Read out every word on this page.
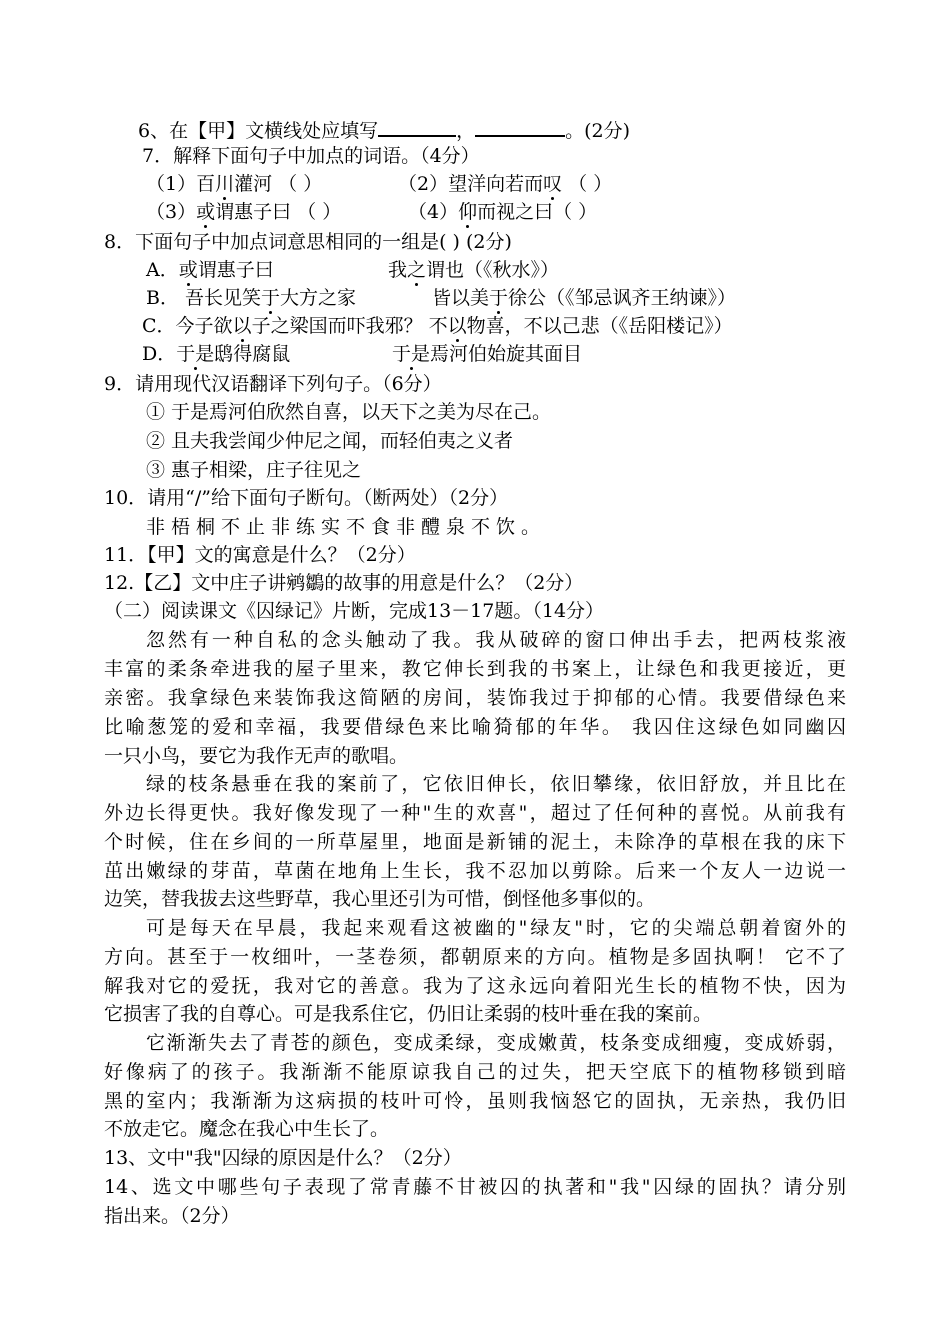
6、在【甲】文横线处应填写	，	。(2分)
7．解释下面句子中加点的词语。（4分）
（1）百川灌河 （ ）	（2）望洋向若而叹 （ ）
（3）或谓惠子曰 （ ）	（4）仰而视之曰（ ）
8．下面句子中加点词意思相同的一组是( ) (2分)
A．或谓惠子曰	我之谓也（《秋水》）
B． 吾长见笑于大方之家	皆以美于徐公（《邹忌讽齐王纳谏》）
C．今子欲以子之梁国而吓我邪？ 不以物喜，不以己悲（《岳阳楼记》）
D．于是鸱得腐鼠	于是焉河伯始旋其面目
9．请用现代汉语翻译下列句子。（6分）
① 于是焉河伯欣然自喜，以天下之美为尽在己。
② 且夫我尝闻少仲尼之闻，而轻伯夷之义者
③ 惠子相梁，庄子往见之
10．请用“/”给下面句子断句。（断两处）（2分）
非梧桐不止非练实不食非醴泉不饮。
11．【甲】文的寓意是什么？（2分）
12.【乙】文中庄子讲鹓鶵的故事的用意是什么？（2分）
（二）阅读课文《囚绿记》片断，完成13－17题。（14分）
忽然有一种自私的念头触动了我。我从破碎的窗口伸出手去，把两枝浆液
丰富的柔条牵进我的屋子里来，教它伸长到我的书案上，让绿色和我更接近，更
亲密。我拿绿色来装饰我这简陋的房间，装饰我过于抑郁的心情。我要借绿色来
比喻葱笼的爱和幸福，我要借绿色来比喻猗郁的年华。 我囚住这绿色如同幽囚
一只小鸟，要它为我作无声的歌唱。
绿的枝条悬垂在我的案前了，它依旧伸长，依旧攀缘，依旧舒放，并且比在
外边长得更快。我好像发现了一种"生的欢喜"，超过了任何种的喜悦。从前我有
个时候，住在乡间的一所草屋里，地面是新铺的泥土，未除净的草根在我的床下
茁出嫩绿的芽苗，草菌在地角上生长，我不忍加以剪除。后来一个友人一边说一
边笑，替我拔去这些野草，我心里还引为可惜，倒怪他多事似的。
可是每天在早晨，我起来观看这被幽的"绿友"时，它的尖端总朝着窗外的
方向。甚至于一枚细叶，一茎卷须，都朝原来的方向。植物是多固执啊！ 它不了
解我对它的爱抚，我对它的善意。我为了这永远向着阳光生长的植物不快，因为
它损害了我的自尊心。可是我系住它，仍旧让柔弱的枝叶垂在我的案前。
它渐渐失去了青苍的颜色，变成柔绿，变成嫩黄，枝条变成细瘦，变成娇弱，
好像病了的孩子。我渐渐不能原谅我自己的过失，把天空底下的植物移锁到暗
黑的室内；我渐渐为这病损的枝叶可怜，虽则我恼怒它的固执，无亲热，我仍旧
不放走它。魔念在我心中生长了。
13、文中"我"囚绿的原因是什么？（2分）
14、选文中哪些句子表现了常青藤不甘被囚的执著和"我"囚绿的固执？请分别
指出来。（2分）
